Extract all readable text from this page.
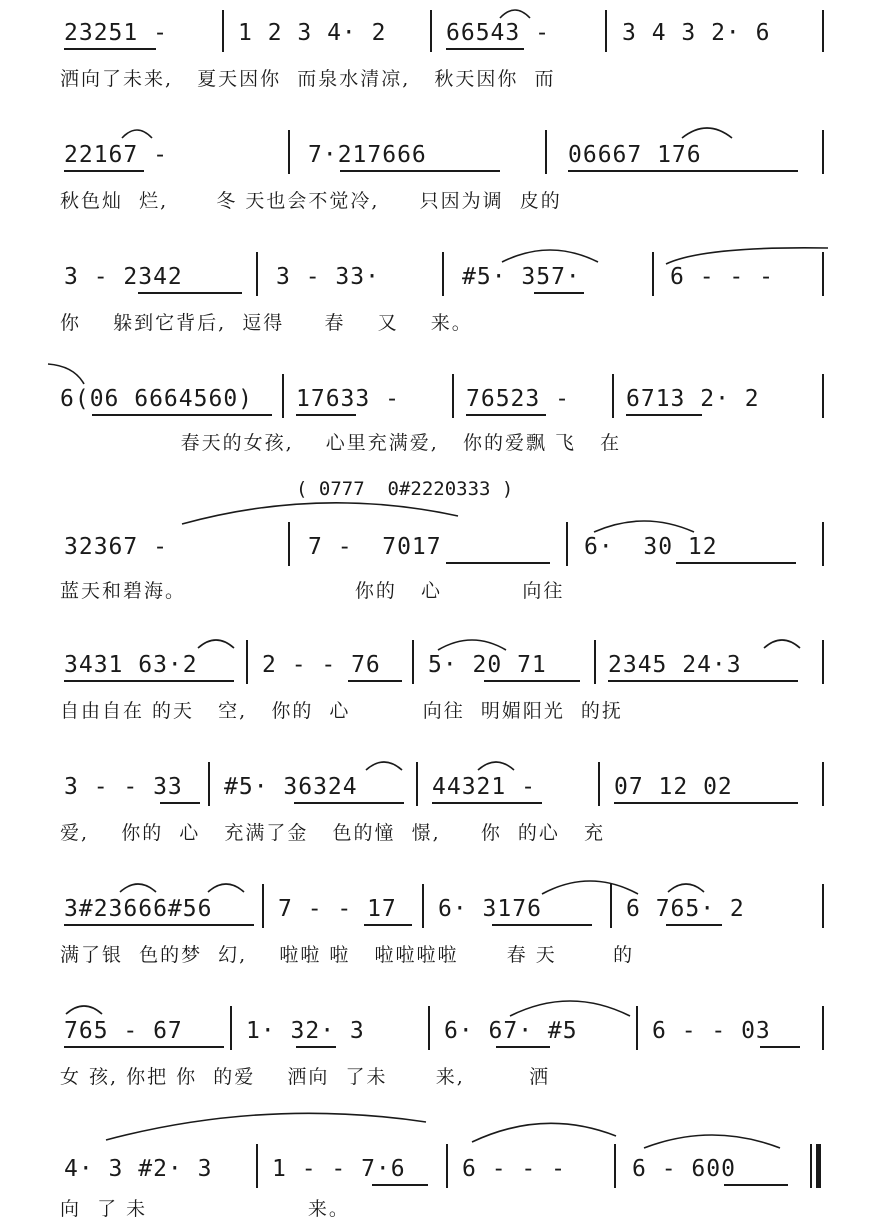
23251 -	1 2 3 4· 2	66543 -	3 4 3 2· 6
洒向了未来,   夏天因你  而泉水清凉,   秋天因你  而
22167 -	7·217666	06667 176
秋色灿  烂,      冬 天也会不觉冷,     只因为调  皮的
3 - 2342	3 - 33·	#5· 357·	6 - - -
你    躲到它背后,  逗得     春    又    来。
6(06 6664560) 17633 -	76523 - 6713 2· 2
春天的女孩,    心里充满爱,   你的爱飘 飞   在
( 0777  0#2220333 )
32367 -	7 -  7017	6·  30 12
蓝天和碧海。                     你的   心          向往
3431 63·2	2 - - 76 5· 20 71	2345 24·3
自由自在 的天   空,   你的  心         向往  明媚阳光  的抚
3 - - 33 #5· 36324	44321 -	07 12 02
爱,    你的  心   充满了金   色的憧  憬,     你  的心   充
3#23666#56	7 - - 17 6· 3176	6 765· 2
满了银  色的梦  幻,    啦啦 啦   啦啦啦啦      春 天       的
765 - 67	1· 32· 3	6· 67· #5	6 - - 03
女 孩, 你把 你  的爱    洒向  了未      来,        洒
4· 3 #2· 3	1 - - 7·6 6 - - -	6 - 600
向  了 未                    来。
